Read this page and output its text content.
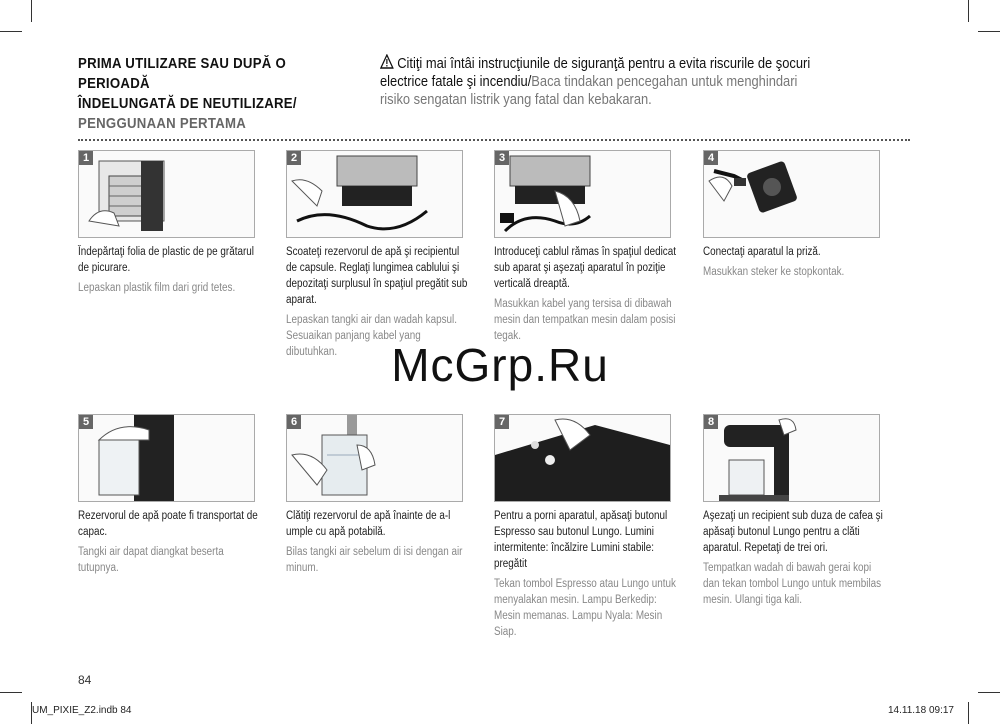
PRIMA UTILIZARE SAU DUPĂ O PERIOADĂ
ÎNDELUNGATĂ DE NEUTILIZARE/
PENGGUNAAN PERTAMA
Citiţi mai întâi instrucţiunile de siguranţă pentru a evita riscurile de şocuri electrice fatale şi incendiu/Baca tindakan pencegahan untuk menghindari risiko sengatan listrik yang fatal dan kebakaran.
1
Îndepărtaţi folia de plastic de pe grătarul de picurare.
Lepaskan plastik film dari grid tetes.
2
Scoateţi rezervorul de apă şi recipientul de capsule. Reglaţi lungimea cablului şi depozitaţi surplusul în spaţiul pregătit sub aparat.
Lepaskan tangki air dan wadah kapsul. Sesuaikan panjang kabel yang dibutuhkan.
3
Introduceţi cablul rămas în spaţiul dedicat sub aparat şi aşezaţi aparatul în poziţie verticală dreaptă.
Masukkan kabel yang tersisa di dibawah mesin dan tempatkan mesin dalam posisi tegak.
4
Conectaţi aparatul la priză.
Masukkan steker ke stopkontak.
McGrp.Ru
5
Rezervorul de apă poate fi transportat de capac.
Tangki air dapat diangkat beserta tutupnya.
6
Clătiţi rezervorul de apă înainte de a-l umple cu apă potabilă.
Bilas tangki air sebelum di isi dengan air minum.
7
Pentru a porni aparatul, apăsaţi butonul Espresso sau butonul Lungo. Lumini intermitente: încălzire Lumini stabile: pregătit
Tekan tombol Espresso atau Lungo untuk menyalakan mesin. Lampu Berkedip: Mesin memanas. Lampu Nyala: Mesin Siap.
8
Aşezaţi un recipient sub duza de cafea şi apăsaţi butonul Lungo pentru a clăti aparatul. Repetaţi de trei ori.
Tempatkan wadah di bawah gerai kopi dan tekan tombol Lungo untuk membilas mesin. Ulangi tiga kali.
84
UM_PIXIE_Z2.indb 84	14.11.18 09:17
